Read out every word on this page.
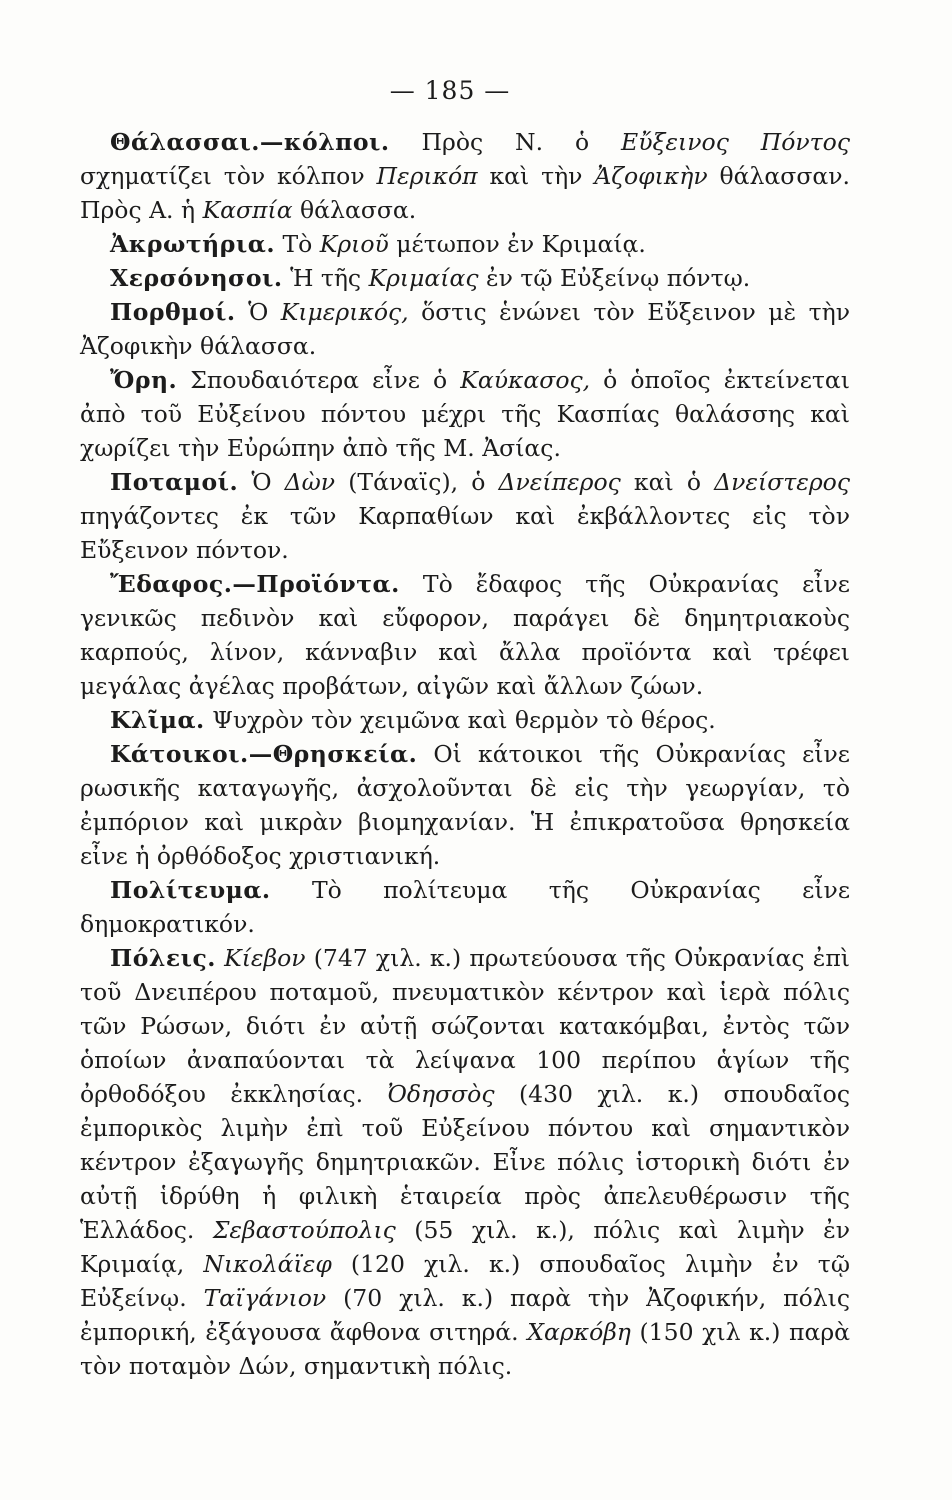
— 185 —

Θάλασσαι.—κόλποι. Πρὸς Ν. ὁ Εὔξεινος Πόντος σχηματίζει τὸν κόλπον Περικόπ καὶ τὴν Ἀζοφικὴν θάλασσαν. Πρὸς Α. ἡ Κασπία θάλασσα.

Ἀκρωτήρια. Τὸ Κριοῦ μέτωπον ἐν Κριμαίᾳ.

Χερσόνησοι. Ἡ τῆς Κριμαίας ἐν τῷ Εὐξείνῳ πόντῳ.

Πορθμοί. Ὁ Κιμερικός, ὅστις ἑνώνει τὸν Εὔξεινον μὲ τὴν Ἀζοφικὴν θάλασσα.

Ὄρη. Σπουδαιότερα εἶνε ὁ Καύκασος, ὁ ὁποῖος ἐκτείνεται ἀπὸ τοῦ Εὐξείνου πόντου μέχρι τῆς Κασπίας θαλάσσης καὶ χωρίζει τὴν Εὐρώπην ἀπὸ τῆς Μ. Ἀσίας.

Ποταμοί. Ὁ Δὼν (Τάναϊς), ὁ Δνείπερος καὶ ὁ Δνείστερος πηγάζοντες ἐκ τῶν Καρπαθίων καὶ ἐκβάλλοντες εἰς τὸν Εὔξεινον πόντον.

Ἔδαφος.—Προϊόντα. Τὸ ἔδαφος τῆς Οὐκρανίας εἶνε γενικῶς πεδινὸν καὶ εὔφορον, παράγει δὲ δημητριακοὺς καρπούς, λίνον, κάνναβιν καὶ ἄλλα προϊόντα καὶ τρέφει μεγάλας ἀγέλας προβάτων, αἰγῶν καὶ ἄλλων ζώων.

Κλῖμα. Ψυχρὸν τὸν χειμῶνα καὶ θερμὸν τὸ θέρος.

Κάτοικοι.—Θρησκεία. Οἱ κάτοικοι τῆς Οὐκρανίας εἶνε ρωσικῆς καταγωγῆς, ἀσχολοῦνται δὲ εἰς τὴν γεωργίαν, τὸ ἐμπόριον καὶ μικρὰν βιομηχανίαν. Ἡ ἐπικρατοῦσα θρησκεία εἶνε ἡ ὀρθόδοξος χριστιανική.

Πολίτευμα. Τὸ πολίτευμα τῆς Οὐκρανίας εἶνε δημοκρατικόν.

Πόλεις. Κίεβον (747 χιλ. κ.) πρωτεύουσα τῆς Οὐκρανίας ἐπὶ τοῦ Δνειπέρου ποταμοῦ, πνευματικὸν κέντρον καὶ ἱερὰ πόλις τῶν Ρώσων, διότι ἐν αὐτῇ σώζονται κατακόμβαι, ἐντὸς τῶν ὁποίων ἀναπαύονται τὰ λείψανα 100 περίπου ἁγίων τῆς ὀρθοδόξου ἐκκλησίας. Ὀδησσὸς (430 χιλ. κ.) σπουδαῖος ἐμπορικὸς λιμὴν ἐπὶ τοῦ Εὐξείνου πόντου καὶ σημαντικὸν κέντρον ἐξαγωγῆς δημητριακῶν. Εἶνε πόλις ἱστορικὴ διότι ἐν αὐτῇ ἱδρύθη ἡ φιλικὴ ἑταιρεία πρὸς ἀπελευθέρωσιν τῆς Ἑλλάδος. Σεβαστούπολις (55 χιλ. κ.), πόλις καὶ λιμὴν ἐν Κριμαίᾳ, Νικολάϊεφ (120 χιλ. κ.) σπουδαῖος λιμὴν ἐν τῷ Εὐξείνῳ. Ταϊγάνιον (70 χιλ. κ.) παρὰ τὴν Ἀζοφικήν, πόλις ἐμπορική, ἐξάγουσα ἄφθονα σιτηρά. Χαρκόβη (150 χιλ κ.) παρὰ τὸν ποταμὸν Δών, σημαντικὴ πόλις.
